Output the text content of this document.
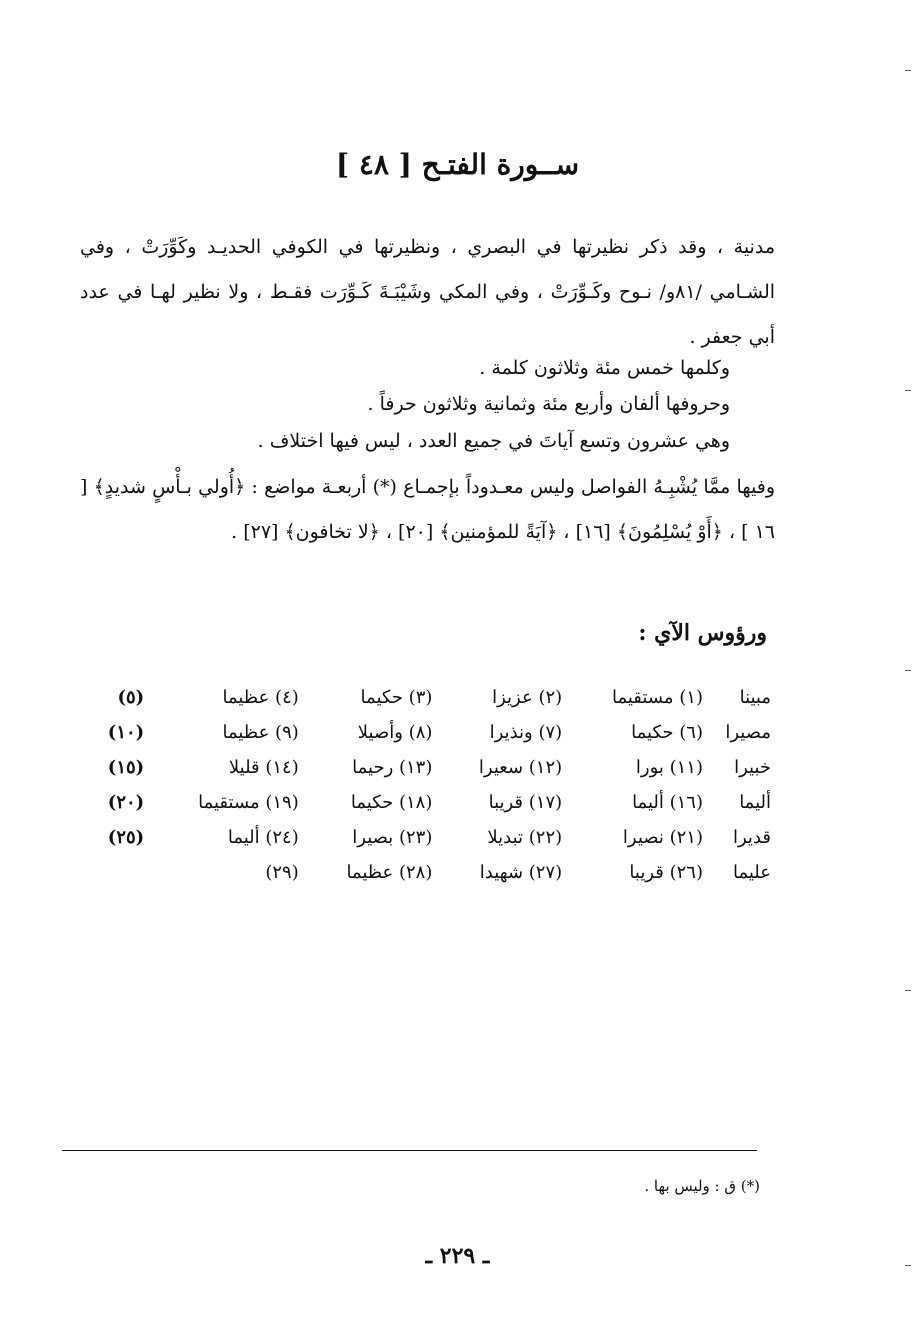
ســورة الفتـح [ ٤٨ ]
مدنية ، وقد ذكر نظيرتها في البصري ، ونظيرتها في الكوفي الحديـد وكَوِّرَتْ ، وفي الشـامي /٨١و/ نـوح وكَـوِّرَتْ ، وفي المكي وشَيْبَـةَ كَـوِّرَت فقـط ، ولا نظير لهـا في عدد أبي جعفر .
وكلمها خمس مئة وثلاثون كلمة .
وحروفها ألفان وأربع مئة وثمانية وثلاثون حرفاً .
وهي عشرون وتسع آياتَ في جميع العدد ، ليس فيها اختلاف .
وفيها ممَّا يُشْبِـهُ الفواصل وليس معـدوداً بإجمـاع (*) أربعـة مواضع : ﴿أُولي بـأْسٍ شديدٍ﴾ [ ١٦ ] ، ﴿أَوْ يُسْلِمُونَ﴾ [١٦] ، ﴿آيَةً للمؤمنين﴾ [٢٠] ، ﴿لا تخافون﴾ [٢٧] .
ورؤوس الآي :
مبينا	(١) مستقيما	(٢) عزيزا	(٣) حكيما	(٤) عظيما	(٥)
مصيرا	(٦) حكيما	(٧) ونذيرا	(٨) وأصيلا	(٩) عظيما	(١٠)
خبيرا	(١١) بورا	(١٢) سعيرا	(١٣) رحيما	(١٤) قليلا	(١٥)
أليما	(١٦) أليما	(١٧) قريبا	(١٨) حكيما	(١٩) مستقيما	(٢٠)
قديرا	(٢١) نصيرا	(٢٢) تبديلا	(٢٣) بصيرا	(٢٤) أليما	(٢٥)
عليما	(٢٦) قريبا	(٢٧) شهيدا	(٢٨) عظيما	(٢٩)	
(*) ق : وليس بها .
ـ ٢٢٩ ـ
